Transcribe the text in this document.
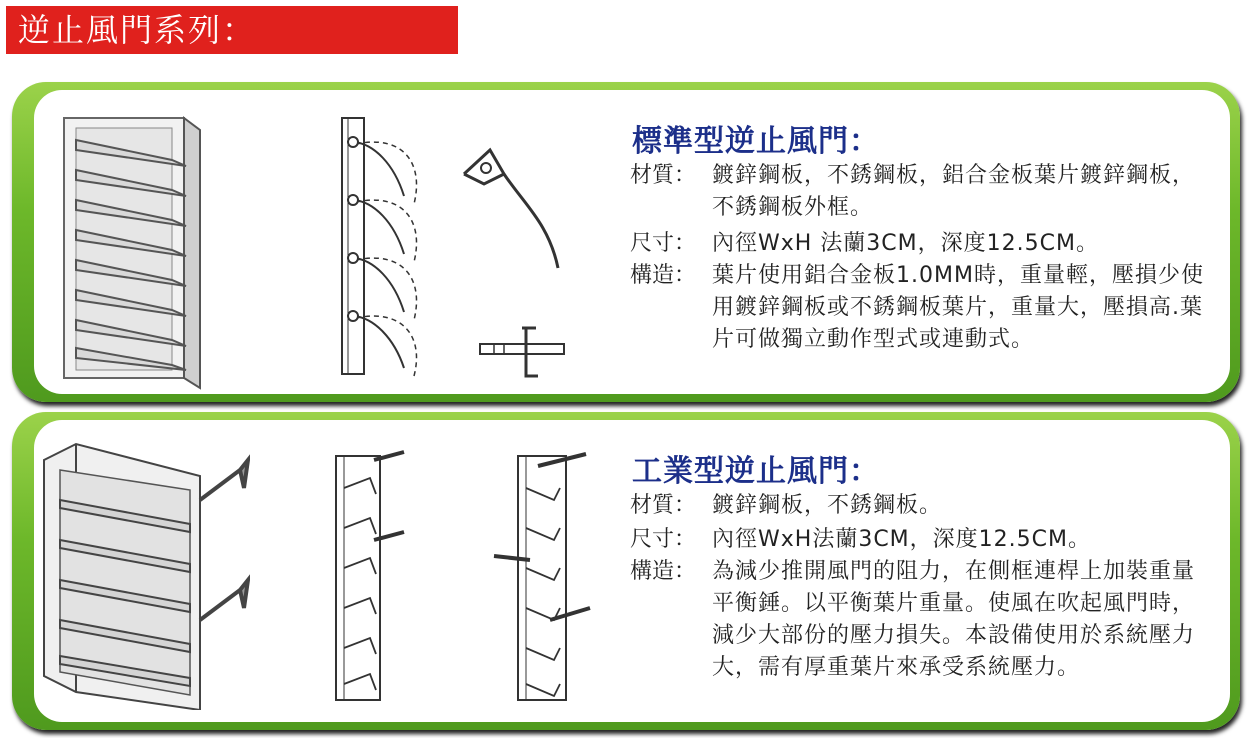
逆止風門系列：
標準型逆止風門：
材質： 鍍鋅鋼板，不銹鋼板，鋁合金板葉片鍍鋅鋼板，不銹鋼板外框。
尺寸： 內徑WxH 法蘭3CM，深度12.5CM。
構造： 葉片使用鋁合金板1.0MM時，重量輕，壓損少使用鍍鋅鋼板或不銹鋼板葉片，重量大，壓損高.葉片可做獨立動作型式或連動式。
工業型逆止風門：
材質： 鍍鋅鋼板，不銹鋼板。
尺寸： 內徑WxH法蘭3CM，深度12.5CM。
構造： 為減少推開風門的阻力，在側框連桿上加裝重量平衡錘。以平衡葉片重量。使風在吹起風門時，減少大部份的壓力損失。本設備使用於系統壓力大，需有厚重葉片來承受系統壓力。
